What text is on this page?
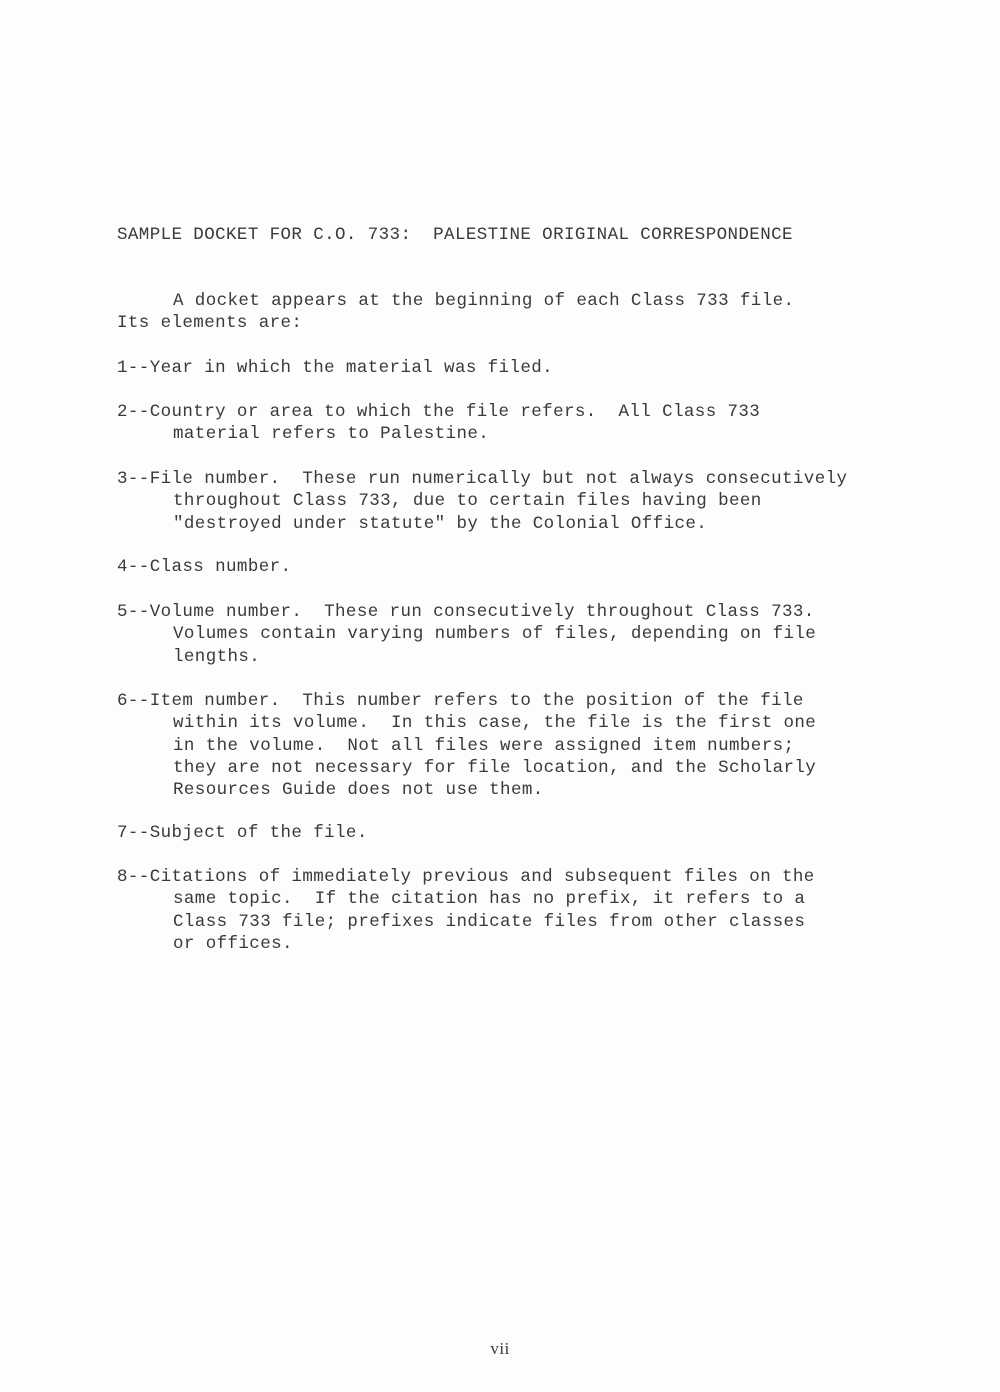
SAMPLE DOCKET FOR C.O. 733:  PALESTINE ORIGINAL CORRESPONDENCE

A docket appears at the beginning of each Class 733 file.
Its elements are:

1--Year in which the material was filed.

2--Country or area to which the file refers.  All Class 733
material refers to Palestine.

3--File number.  These run numerically but not always consecutively
throughout Class 733, due to certain files having been
"destroyed under statute" by the Colonial Office.

4--Class number.

5--Volume number.  These run consecutively throughout Class 733.
Volumes contain varying numbers of files, depending on file
lengths.

6--Item number.  This number refers to the position of the file
within its volume.  In this case, the file is the first one
in the volume.  Not all files were assigned item numbers;
they are not necessary for file location, and the Scholarly
Resources Guide does not use them.

7--Subject of the file.

8--Citations of immediately previous and subsequent files on the
same topic.  If the citation has no prefix, it refers to a
Class 733 file; prefixes indicate files from other classes
or offices.

vii
